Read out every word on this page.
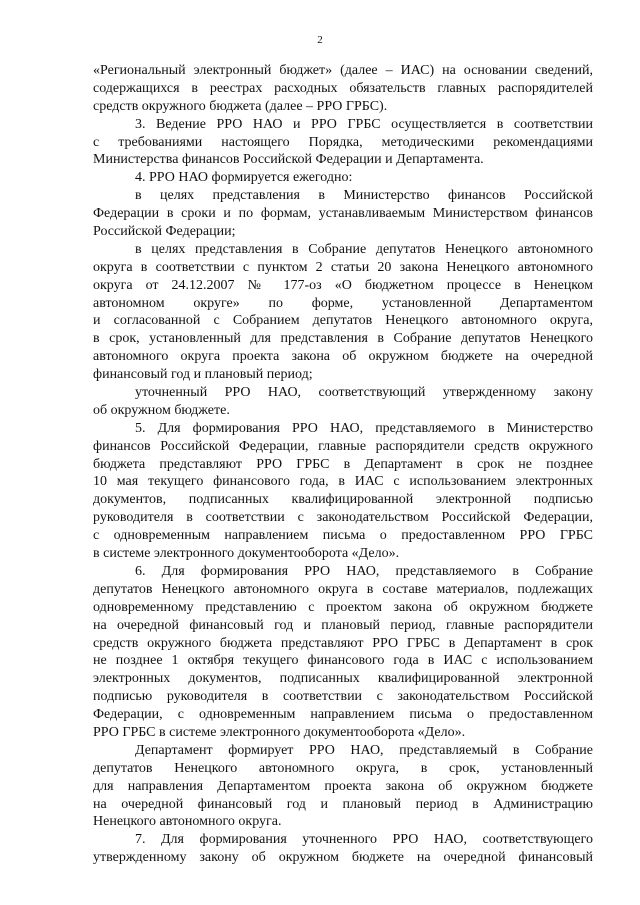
2
«Региональный электронный бюджет» (далее – ИАС) на основании сведений,
содержащихся в реестрах расходных обязательств главных распорядителей
средств окружного бюджета (далее – РРО ГРБС).
3. Ведение РРО НАО и РРО ГРБС осуществляется в соответствии
с требованиями настоящего Порядка, методическими рекомендациями
Министерства финансов Российской Федерации и Департамента.
4. РРО НАО формируется ежегодно:
в целях представления в Министерство финансов Российской
Федерации в сроки и по формам, устанавливаемым Министерством финансов
Российской Федерации;
в целях представления в Собрание депутатов Ненецкого автономного
округа в соответствии с пунктом 2 статьи 20 закона Ненецкого автономного
округа от 24.12.2007 № 177-оз «О бюджетном процессе в Ненецком
автономном округе» по форме, установленной Департаментом
и согласованной с Собранием депутатов Ненецкого автономного округа,
в срок, установленный для представления в Собрание депутатов Ненецкого
автономного округа проекта закона об окружном бюджете на очередной
финансовый год и плановый период;
уточненный РРО НАО, соответствующий утвержденному закону
об окружном бюджете.
5. Для формирования РРО НАО, представляемого в Министерство
финансов Российской Федерации, главные распорядители средств окружного
бюджета представляют РРО ГРБС в Департамент в срок не позднее
10 мая текущего финансового года, в ИАС с использованием электронных
документов, подписанных квалифицированной электронной подписью
руководителя в соответствии с законодательством Российской Федерации,
с одновременным направлением письма о предоставленном РРО ГРБС
в системе электронного документооборота «Дело».
6. Для формирования РРО НАО, представляемого в Собрание
депутатов Ненецкого автономного округа в составе материалов, подлежащих
одновременному представлению с проектом закона об окружном бюджете
на очередной финансовый год и плановый период, главные распорядители
средств окружного бюджета представляют РРО ГРБС в Департамент в срок
не позднее 1 октября текущего финансового года в ИАС с использованием
электронных документов, подписанных квалифицированной электронной
подписью руководителя в соответствии с законодательством Российской
Федерации, с одновременным направлением письма о предоставленном
РРО ГРБС в системе электронного документооборота «Дело».
Департамент формирует РРО НАО, представляемый в Собрание
депутатов Ненецкого автономного округа, в срок, установленный
для направления Департаментом проекта закона об окружном бюджете
на очередной финансовый год и плановый период в Администрацию
Ненецкого автономного округа.
7. Для формирования уточненного РРО НАО, соответствующего
утвержденному закону об окружном бюджете на очередной финансовый
